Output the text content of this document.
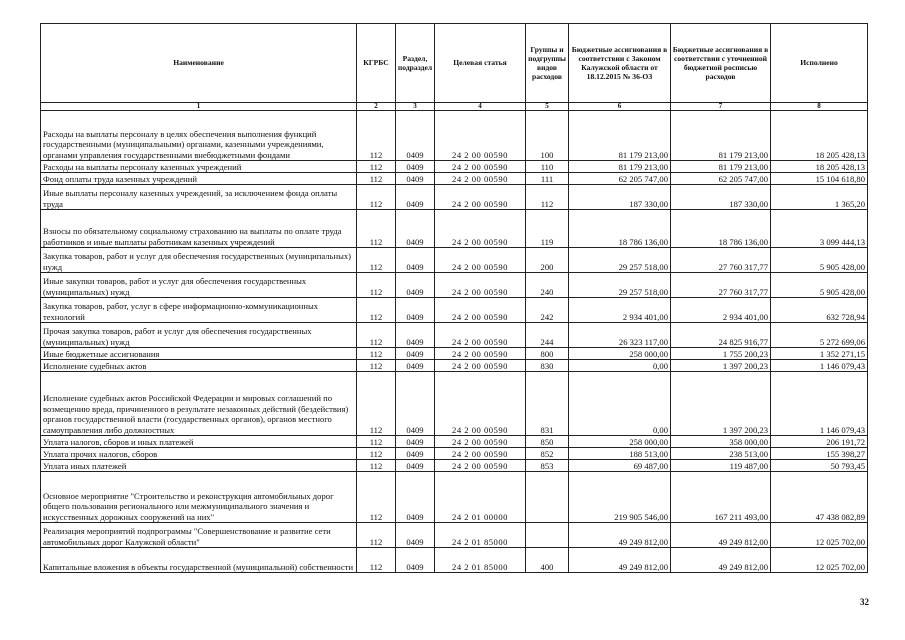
Наименование	КГРБС	Раздел, подраздел	Целевая статья	Группы и подгруппы видов расходов	Бюджетные ассигнования в соответствии с Законом Калужской области от 18.12.2015 № 36-ОЗ	Бюджетные ассигнования в соответствии с уточненной бюджетной росписью расходов	Исполнено
1	2	3	4	5	6	7	8
Расходы на выплаты персоналу в целях обеспечения выполнения функций государственными (муниципальными) органами, казенными учреждениями, органами управления государственными внебюджетными фондами	112	0409	24 2 00 00590	100	81 179 213,00	81 179 213,00	18 205 428,13
Расходы на выплаты персоналу казенных учреждений	112	0409	24 2 00 00590	110	81 179 213,00	81 179 213,00	18 205 428,13
Фонд оплаты труда казенных учреждений	112	0409	24 2 00 00590	111	62 205 747,00	62 205 747,00	15 104 618,80
Иные выплаты персоналу казенных учреждений, за исключением фонда оплаты труда	112	0409	24 2 00 00590	112	187 330,00	187 330,00	1 365,20
Взносы по обязательному социальному страхованию на выплаты по оплате труда работников и иные выплаты работникам казенных учреждений	112	0409	24 2 00 00590	119	18 786 136,00	18 786 136,00	3 099 444,13
Закупка товаров, работ и услуг для обеспечения государственных (муниципальных) нужд	112	0409	24 2 00 00590	200	29 257 518,00	27 760 317,77	5 905 428,00
Иные закупки товаров, работ и услуг для обеспечения государственных (муниципальных) нужд	112	0409	24 2 00 00590	240	29 257 518,00	27 760 317,77	5 905 428,00
Закупка товаров, работ, услуг в сфере информационно-коммуникационных технологий	112	0409	24 2 00 00590	242	2 934 401,00	2 934 401,00	632 728,94
Прочая закупка товаров, работ и услуг для обеспечения государственных (муниципальных) нужд	112	0409	24 2 00 00590	244	26 323 117,00	24 825 916,77	5 272 699,06
Иные бюджетные ассигнования	112	0409	24 2 00 00590	800	258 000,00	1 755 200,23	1 352 271,15
Исполнение судебных актов	112	0409	24 2 00 00590	830	0,00	1 397 200,23	1 146 079,43
Исполнение судебных актов Российской Федерации и мировых соглашений по возмещению вреда, причиненного в результате незаконных действий (бездействия) органов государственной власти (государственных органов), органов местного самоуправления либо должностных	112	0409	24 2 00 00590	831	0,00	1 397 200,23	1 146 079,43
Уплата налогов, сборов и иных платежей	112	0409	24 2 00 00590	850	258 000,00	358 000,00	206 191,72
Уплата прочих налогов, сборов	112	0409	24 2 00 00590	852	188 513,00	238 513,00	155 398,27
Уплата иных платежей	112	0409	24 2 00 00590	853	69 487,00	119 487,00	50 793,45
Основное мероприятие "Строительство и реконструкция автомобильных дорог общего пользования регионального или межмуниципального значения и искусственных дорожных сооружений на них"	112	0409	24 2 01 00000		219 905 546,00	167 211 493,00	47 438 082,89
Реализация мероприятий подпрограммы "Совершенствование и развитие сети автомобильных дорог Калужской области"	112	0409	24 2 01 85000		49 249 812,00	49 249 812,00	12 025 702,00
Капитальные вложения в объекты государственной (муниципальной) собственности	112	0409	24 2 01 85000	400	49 249 812,00	49 249 812,00	12 025 702,00
32
